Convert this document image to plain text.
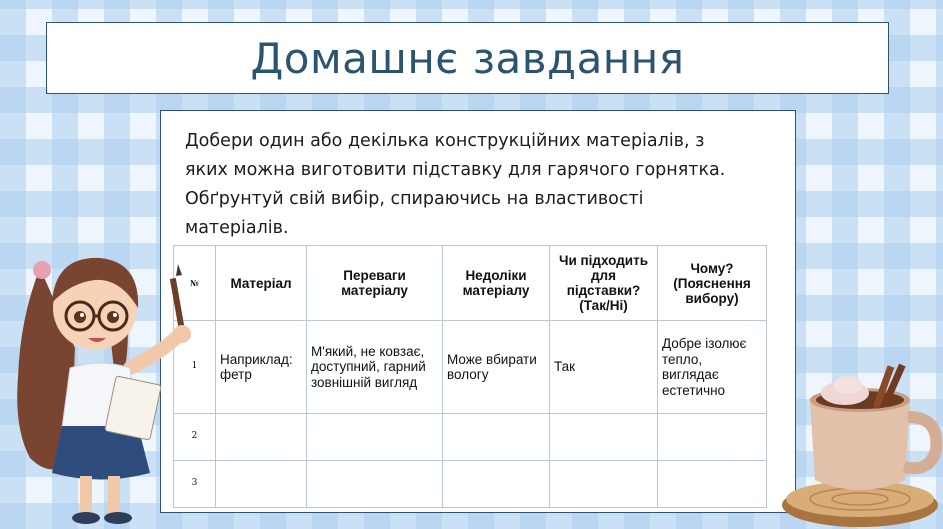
Домашнє завдання
Добери один або декілька конструкційних матеріалів, з
яких можна виготовити підставку для гарячого горнятка.
Обґрунтуй свій вибір, спираючись на властивості
матеріалів.
№	Матеріал	Переваги матеріалу	Недоліки матеріалу	Чи підходить для підставки? (Так/Ні)	Чому? (Пояснення вибору)
1	Наприклад: фетр	М'який, не ковзає, доступний, гарний зовнішній вигляд	Може вбирати вологу	Так	Добре ізолює тепло, виглядає естетично
2					
3					
